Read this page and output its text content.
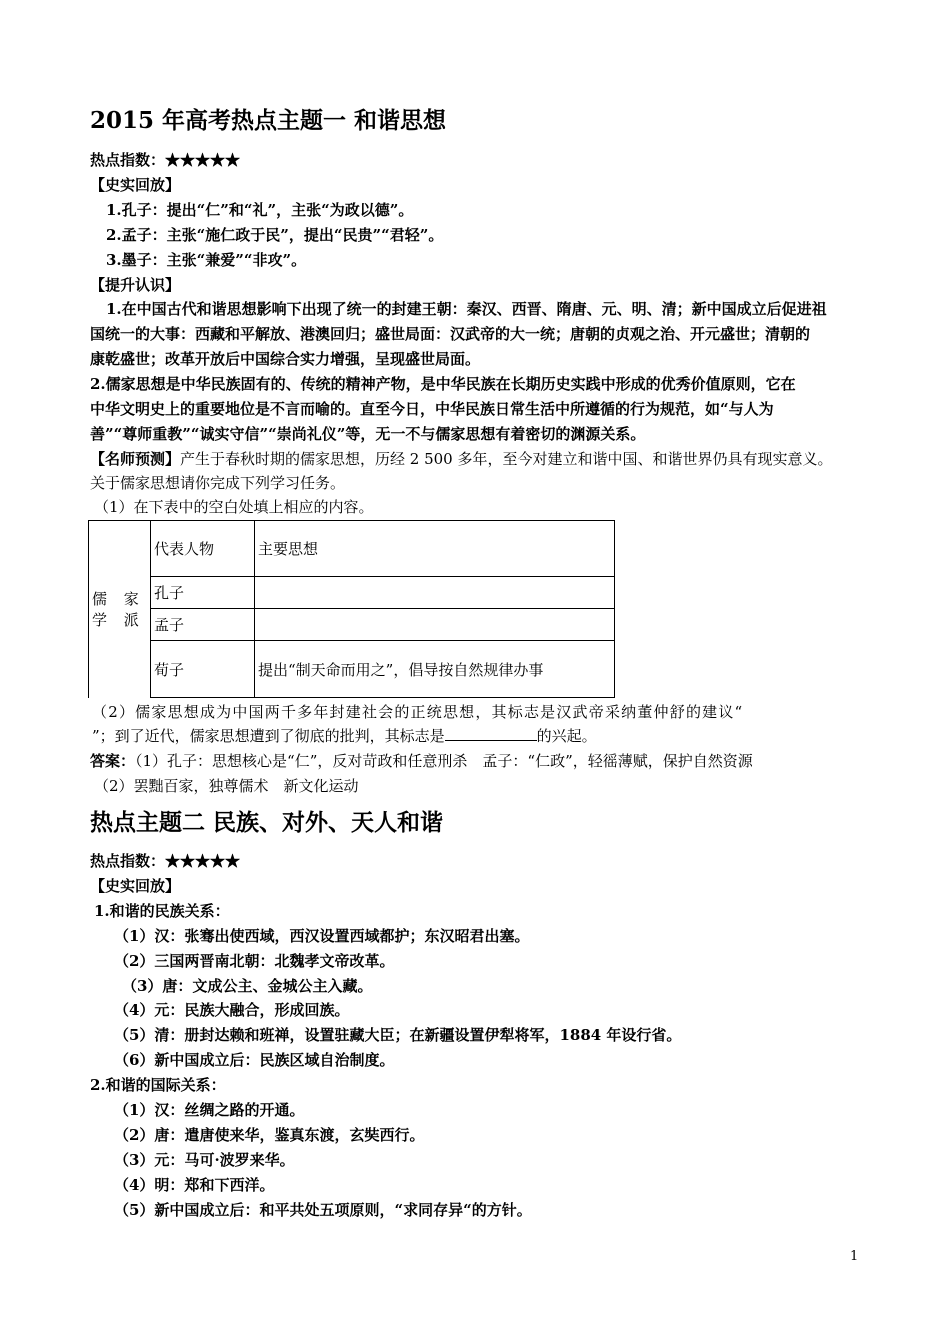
2015 年高考热点主题一 和谐思想
热点指数：★★★★★
【史实回放】
1.孔子：提出“仁”和“礼”，主张“为政以德”。
2.孟子：主张“施仁政于民”，提出“民贵”“君轻”。
3.墨子：主张“兼爱”“非攻”。
【提升认识】
1.在中国古代和谐思想影响下出现了统一的封建王朝：秦汉、西晋、隋唐、元、明、清；新中国成立后促进祖
国统一的大事：西藏和平解放、港澳回归；盛世局面：汉武帝的大一统；唐朝的贞观之治、开元盛世；清朝的
康乾盛世；改革开放后中国综合实力增强，呈现盛世局面。
2.儒家思想是中华民族固有的、传统的精神产物，是中华民族在长期历史实践中形成的优秀价值原则，它在
中华文明史上的重要地位是不言而喻的。直至今日，中华民族日常生活中所遵循的行为规范，如“与人为
善”“尊师重教”“诚实守信”“崇尚礼仪”等，无一不与儒家思想有着密切的渊源关系。
【名师预测】产生于春秋时期的儒家思想，历经 2 500 多年，至今对建立和谐中国、和谐世界仍具有现实意义。
关于儒家思想请你完成下列学习任务。
（1）在下表中的空白处填上相应的内容。
儒 家 学 派	代表人物	主要思想
	孔子	
	孟子	
	荀子	提出“制天命而用之”，倡导按自然规律办事
（2）儒家思想成为中国两千多年封建社会的正统思想，其标志是汉武帝采纳董仲舒的建议“
”；到了近代，儒家思想遭到了彻底的批判，其标志是	的兴起。
答案：（1）孔子：思想核心是“仁”，反对苛政和任意刑杀　孟子：“仁政”，轻徭薄赋，保护自然资源
（2）罢黜百家，独尊儒术　新文化运动
热点主题二 民族、对外、天人和谐
热点指数：★★★★★
【史实回放】
1.和谐的民族关系：
（1）汉：张骞出使西域，西汉设置西域都护；东汉昭君出塞。
（2）三国两晋南北朝：北魏孝文帝改革。
（3）唐：文成公主、金城公主入藏。
（4）元：民族大融合，形成回族。
（5）清：册封达赖和班禅，设置驻藏大臣；在新疆设置伊犁将军，1884 年设行省。
（6）新中国成立后：民族区域自治制度。
2.和谐的国际关系：
（1）汉：丝绸之路的开通。
（2）唐：遣唐使来华，鉴真东渡，玄奘西行。
（3）元：马可·波罗来华。
（4）明：郑和下西洋。
（5）新中国成立后：和平共处五项原则，“求同存异“的方针。
1
